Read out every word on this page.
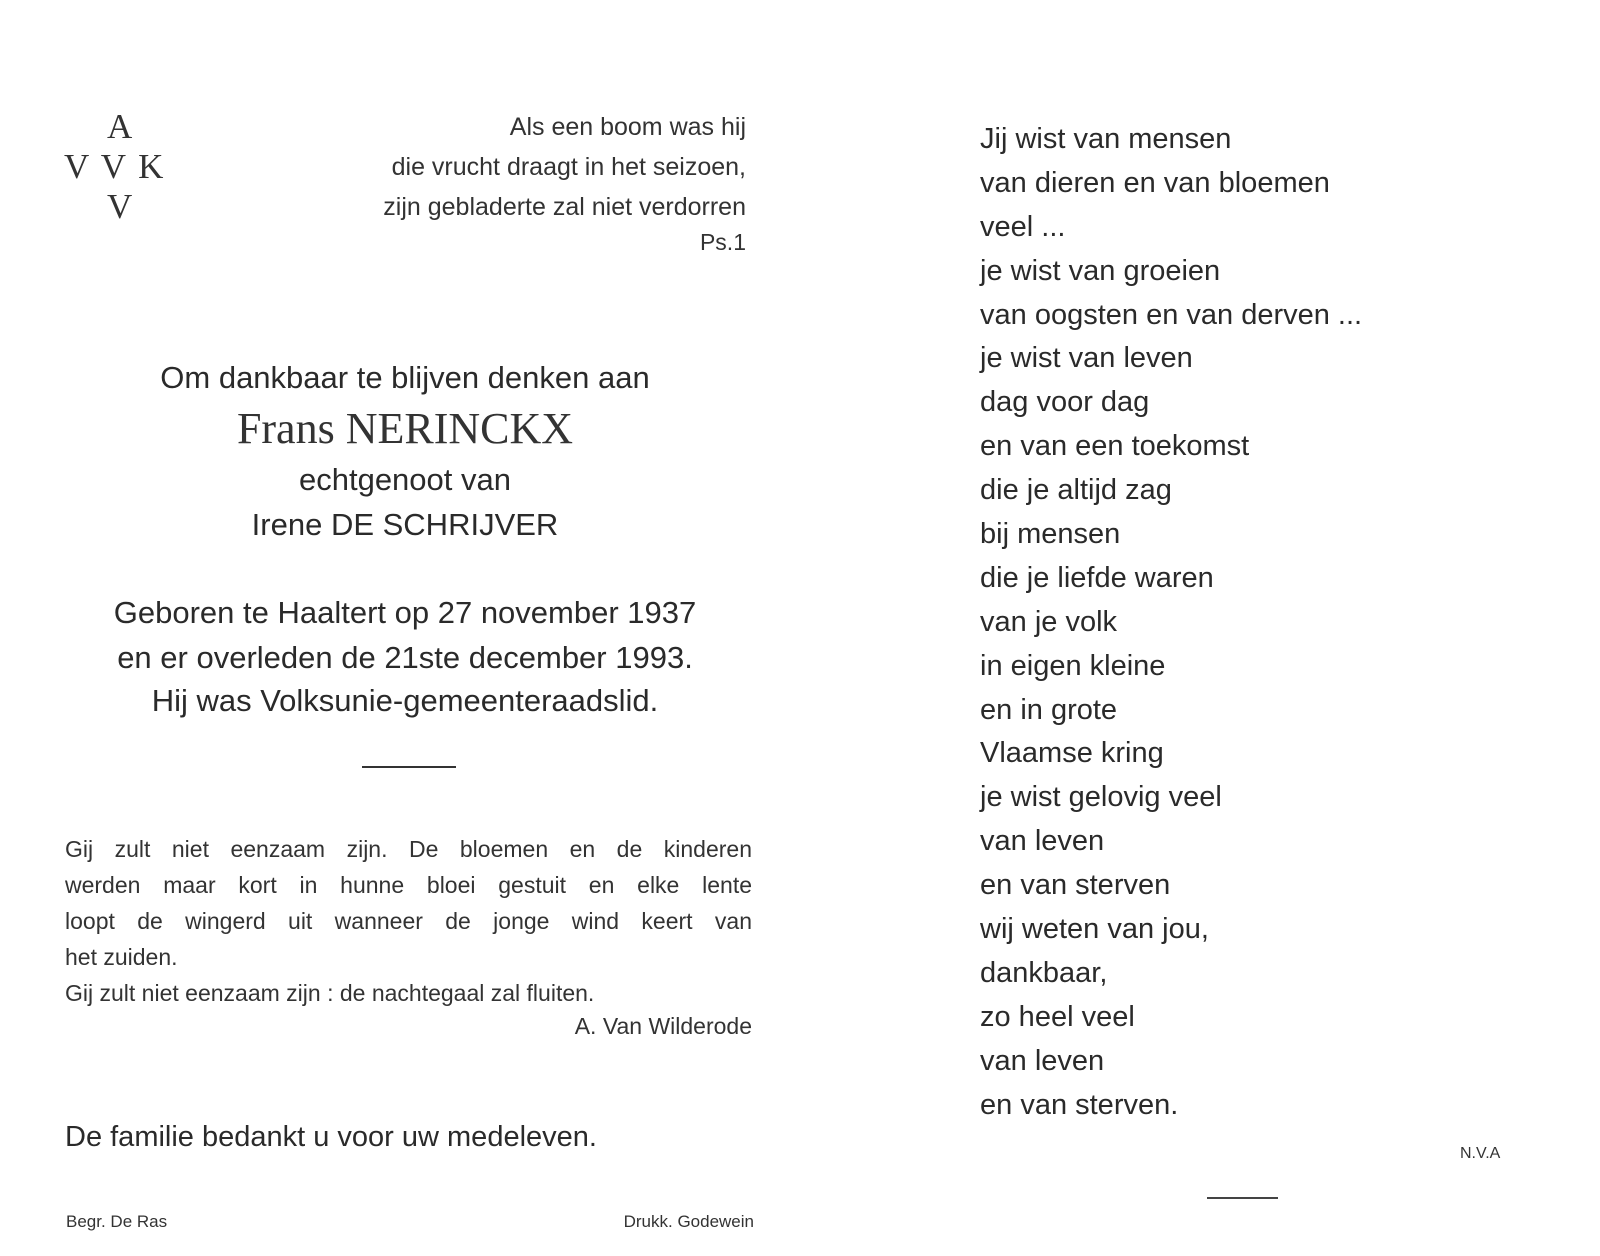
A
V V K
V
Als een boom was hij
die vrucht draagt in het seizoen,
zijn gebladerte zal niet verdorren
Ps.1
Om dankbaar te blijven denken aan
Frans NERINCKX
echtgenoot van
Irene DE SCHRIJVER
Geboren te Haaltert op 27 november 1937
en er overleden de 21ste december 1993.
Hij was Volksunie-gemeenteraadslid.
Gij zult niet eenzaam zijn. De bloemen en de kinderen
werden maar kort in hunne bloei gestuit en elke lente
loopt de wingerd uit wanneer de jonge wind keert van
het zuiden.
Gij zult niet eenzaam zijn : de nachtegaal zal fluiten.
A. Van Wilderode
De familie bedankt u voor uw medeleven.
Begr. De Ras	Drukk. Godewein
Jij wist van mensen
van dieren en van bloemen
veel ...
je wist van groeien
van oogsten en van derven ...
je wist van leven
dag voor dag
en van een toekomst
die je altijd zag
bij mensen
die je liefde waren
van je volk
in eigen kleine
en in grote
Vlaamse kring
je wist gelovig veel
van leven
en van sterven
wij weten van jou,
dankbaar,
zo heel veel
van leven
en van sterven.
N.V.A
